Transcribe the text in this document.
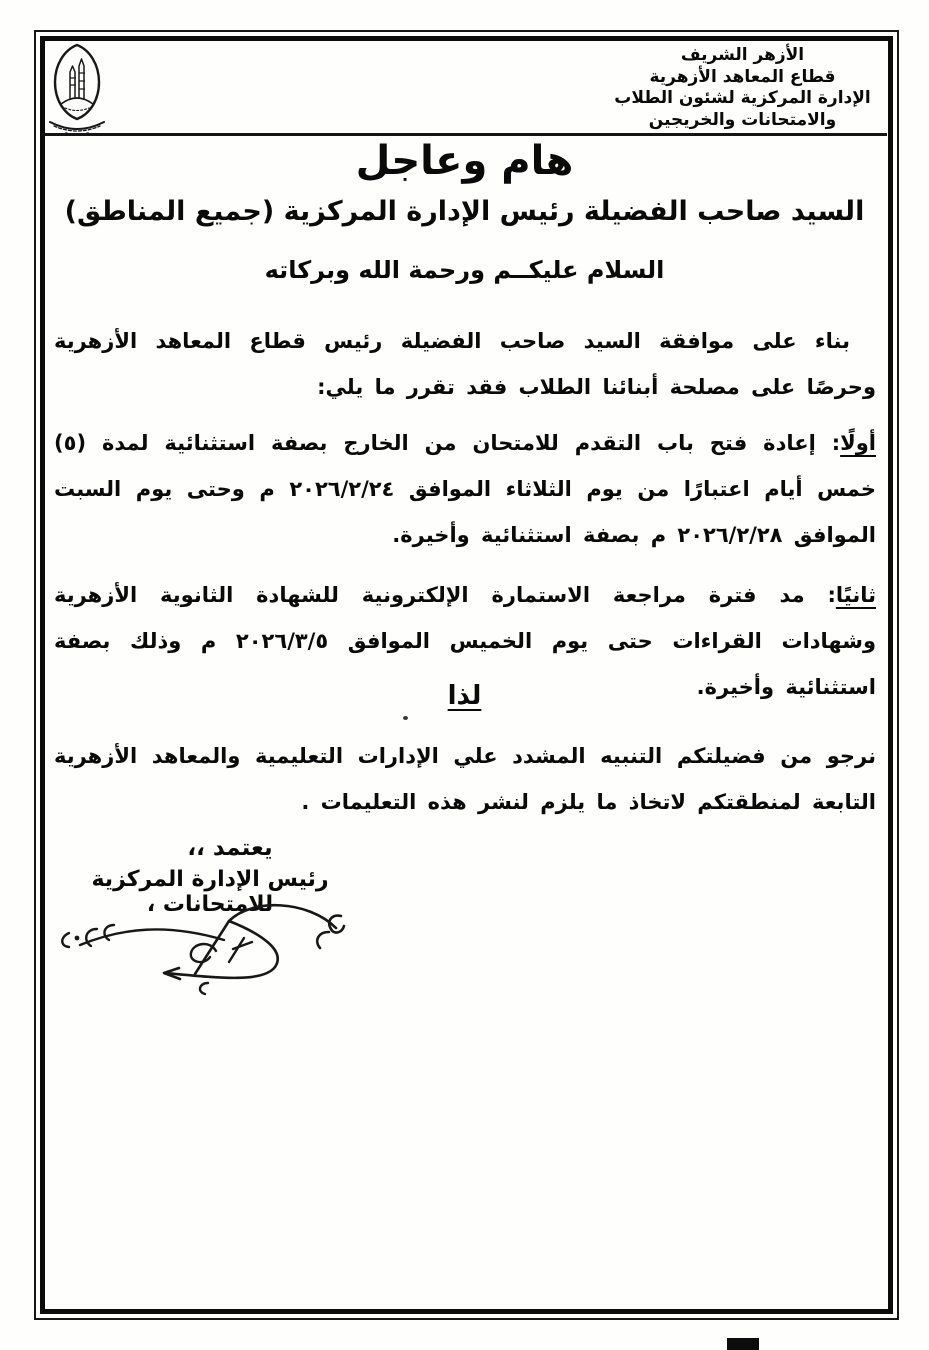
الأزهر الشريف
قطاع المعاهد الأزهرية
الإدارة المركزية لشئون الطلاب
والامتحانات والخريجين
هام وعاجل
السيد صاحب الفضيلة رئيس الإدارة المركزية (جميع المناطق)
السلام عليكــم ورحمة الله وبركاته
بناء على موافقة السيد صاحب الفضيلة رئيس قطاع المعاهد الأزهرية وحرصًا على مصلحة أبنائنا الطلاب فقد تقرر ما يلي:
أولًا: إعادة فتح باب التقدم للامتحان من الخارج بصفة استثنائية لمدة (٥) خمس أيام اعتبارًا من يوم الثلاثاء الموافق ٢٠٢٦/٢/٢٤ م وحتى يوم السبت الموافق ٢٠٢٦/٢/٢٨ م بصفة استثنائية وأخيرة.
ثانيًا: مد فترة مراجعة الاستمارة الإلكترونية للشهادة الثانوية الأزهرية وشهادات القراءات حتى يوم الخميس الموافق ٢٠٢٦/٣/٥ م وذلك بصفة استثنائية وأخيرة.
لذا
نرجو من فضيلتكم التنبيه المشدد علي الإدارات التعليمية والمعاهد الأزهرية التابعة لمنطقتكم لاتخاذ ما يلزم لنشر هذه التعليمات .
يعتمد ،،
رئيس الإدارة المركزية للامتحانات ،
